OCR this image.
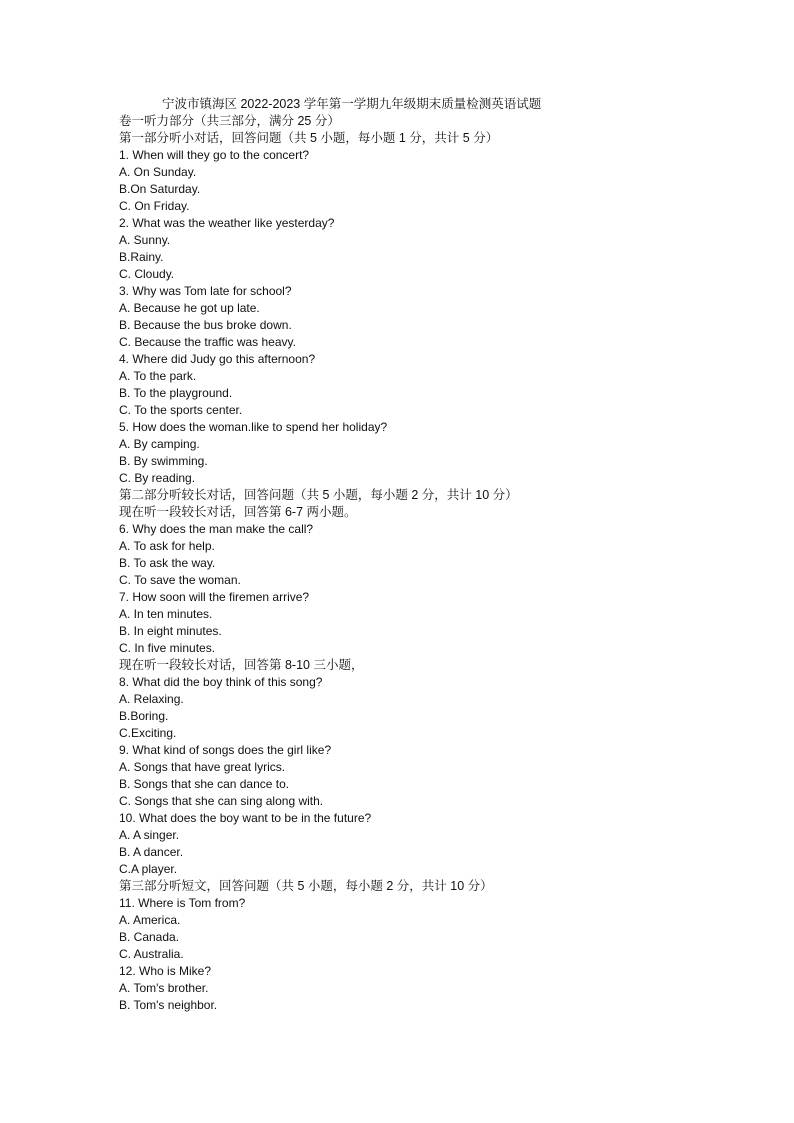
宁波市镇海区 2022-2023 学年第一学期九年级期末质量检测英语试题
卷一听力部分（共三部分，满分 25 分）
第一部分听小对话，回答问题（共 5 小题，每小题 1 分，共计 5 分）
1. When will they go to the concert?
A. On Sunday.
B.On Saturday.
C. On Friday.
2. What was the weather like yesterday?
A. Sunny.
B.Rainy.
C. Cloudy.
3. Why was Tom late for school?
A. Because he got up late.
B. Because the bus broke down.
C. Because the traffic was heavy.
4. Where did Judy go this afternoon?
A. To the park.
B. To the playground.
C. To the sports center.
5. How does the woman.like to spend her holiday?
A. By camping.
B. By swimming.
C. By reading.
第二部分听较长对话，回答问题（共 5 小题，每小题 2 分，共计 10 分）
现在听一段较长对话，回答第 6-7 两小题。
6. Why does the man make the call?
A. To ask for help.
B. To ask the way.
C. To save the woman.
7. How soon will the firemen arrive?
A. In ten minutes.
B. In eight minutes.
C. In five minutes.
现在听一段较长对话，回答第 8-10 三小题，
8. What did the boy think of this song?
A. Relaxing.
B.Boring.
C.Exciting.
9. What kind of songs does the girl like?
A. Songs that have great lyrics.
B. Songs that she can dance to.
C. Songs that she can sing along with.
10. What does the boy want to be in the future?
A. A singer.
B. A dancer.
C.A player.
第三部分听短文，回答问题（共 5 小题，每小题 2 分，共计 10 分）
11. Where is Tom from?
A. America.
B. Canada.
C. Australia.
12. Who is Mike?
A. Tom's brother.
B. Tom's neighbor.
